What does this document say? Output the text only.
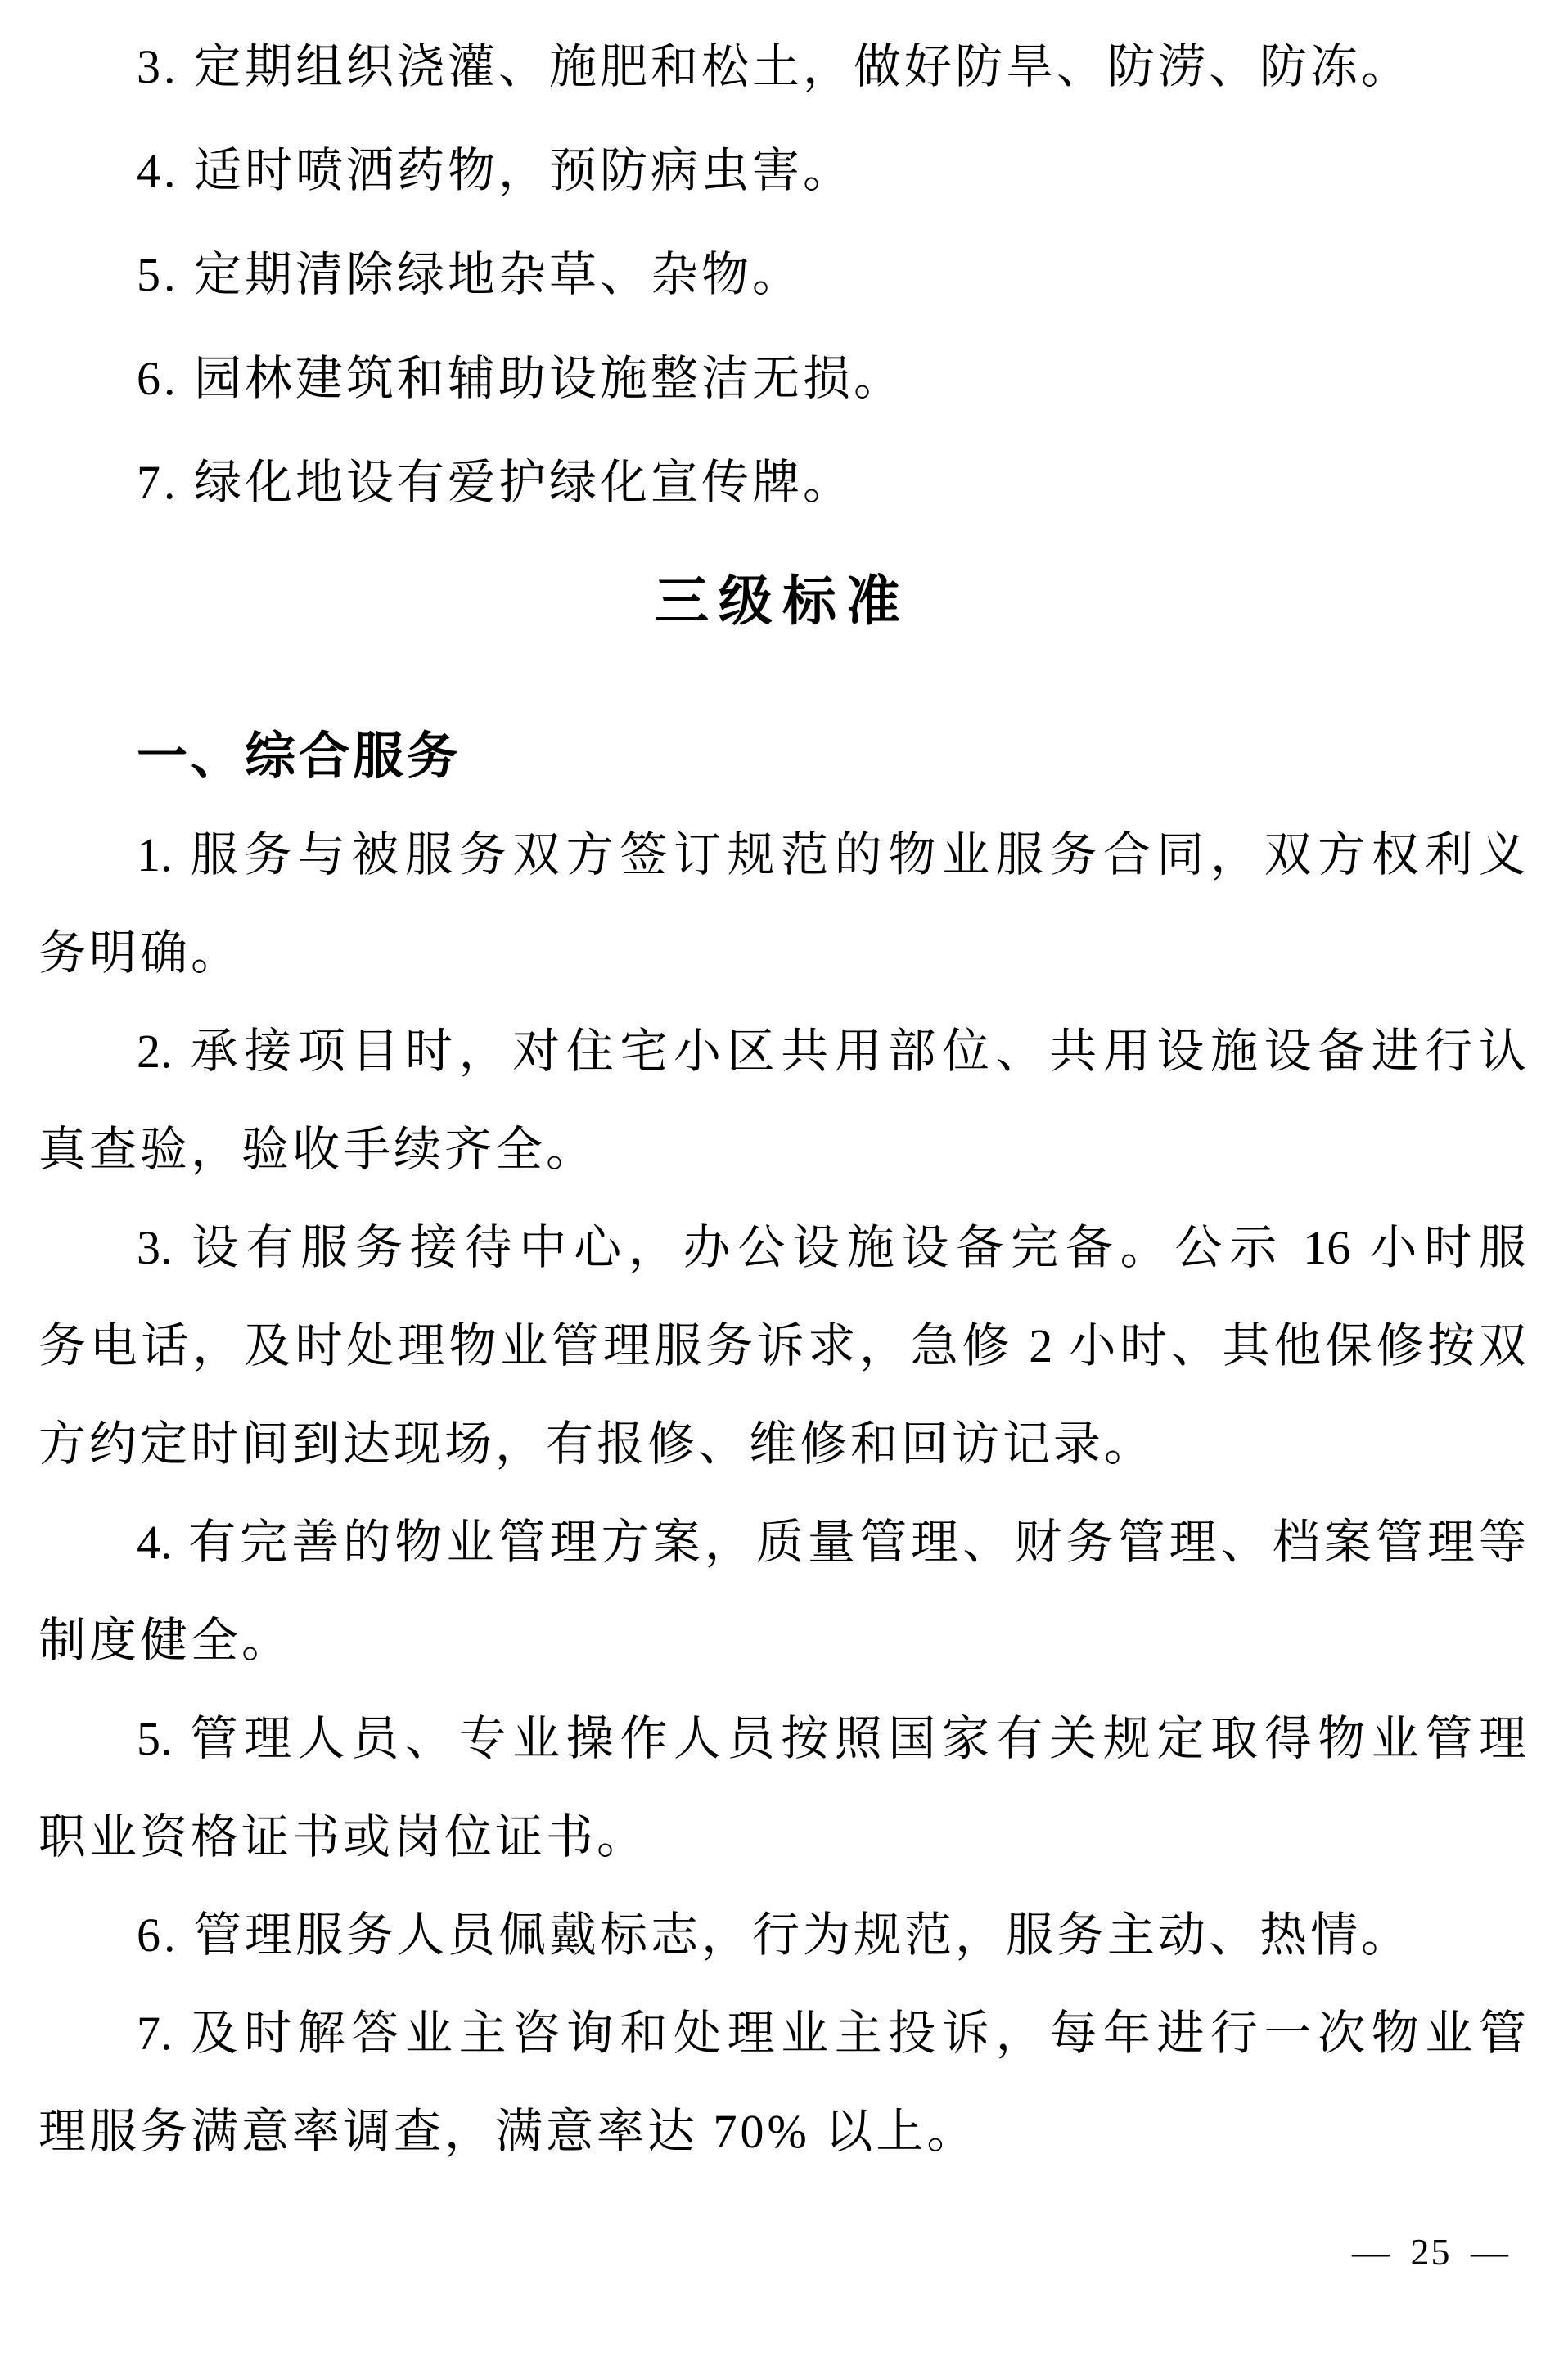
3. 定期组织浇灌、施肥和松土，做好防旱、防涝、防冻。
4. 适时喷洒药物，预防病虫害。
5. 定期清除绿地杂草、杂物。
6. 园林建筑和辅助设施整洁无损。
7. 绿化地设有爱护绿化宣传牌。
三级标准
一、综合服务
1. 服务与被服务双方签订规范的物业服务合同，双方权利义
务明确。
2. 承接项目时，对住宅小区共用部位、共用设施设备进行认
真查验，验收手续齐全。
3. 设有服务接待中心，办公设施设备完备。公示 16 小时服
务电话，及时处理物业管理服务诉求，急修 2 小时、其他保修按双
方约定时间到达现场，有报修、维修和回访记录。
4. 有完善的物业管理方案，质量管理、财务管理、档案管理等
制度健全。
5. 管理人员、专业操作人员按照国家有关规定取得物业管理
职业资格证书或岗位证书。
6. 管理服务人员佩戴标志，行为规范，服务主动、热情。
7. 及时解答业主咨询和处理业主投诉，每年进行一次物业管
理服务满意率调查，满意率达 70% 以上。
— 25 —
